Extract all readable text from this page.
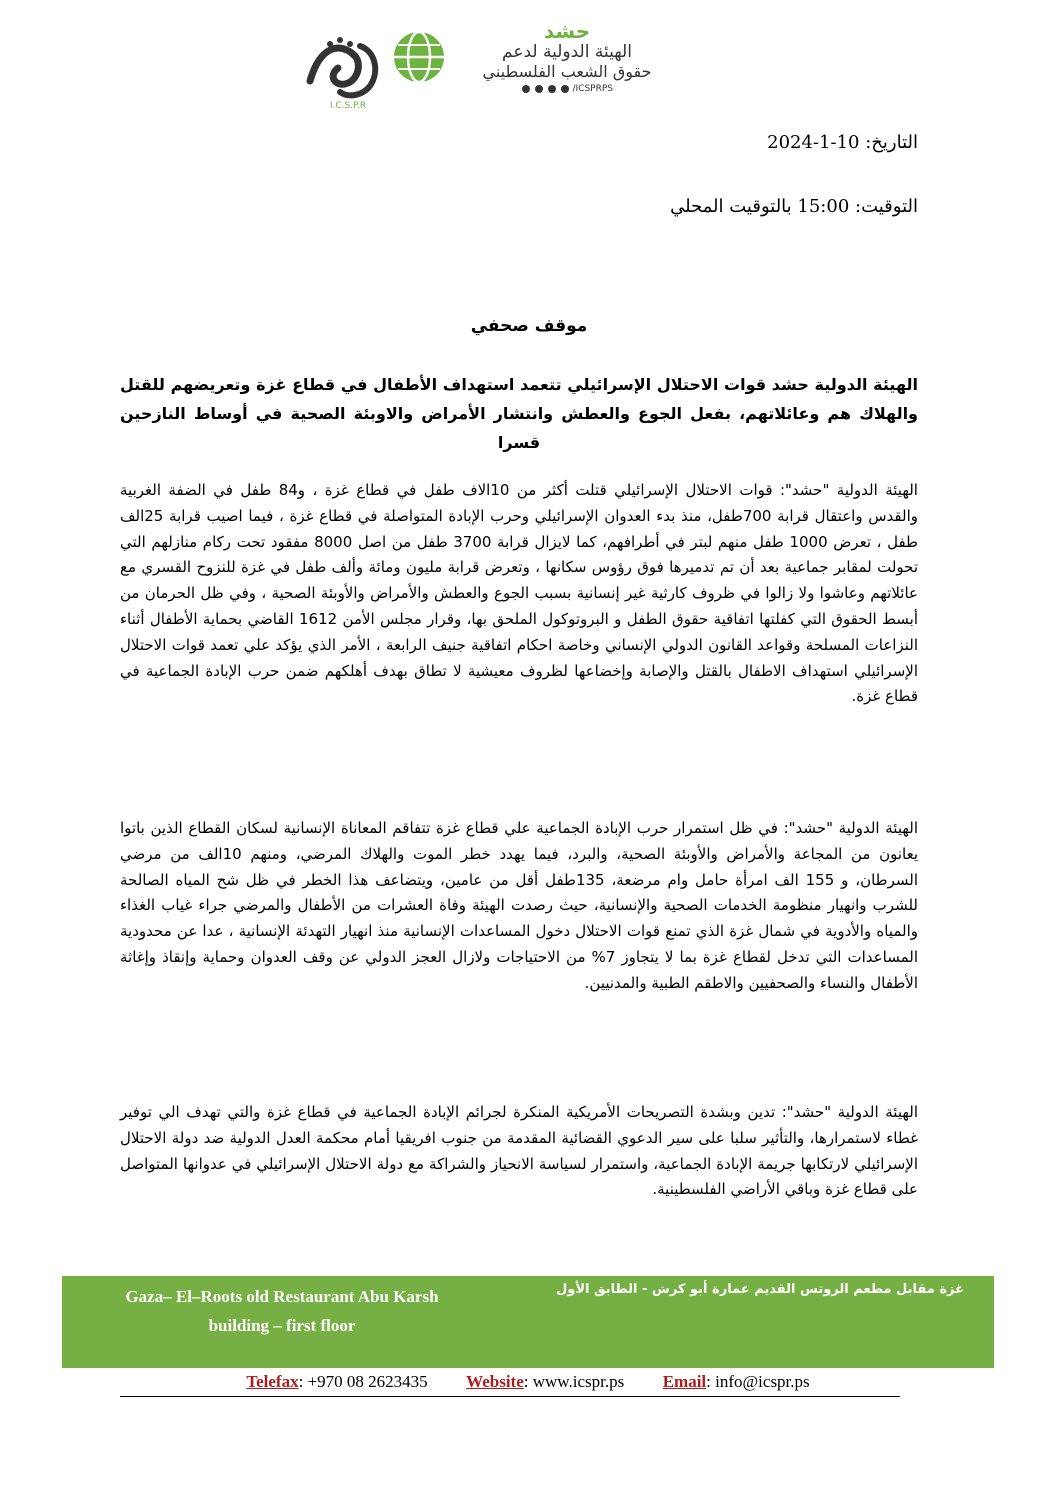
I.C.S.P.R
حشد
الهيئة الدولية لدعم
حقوق الشعب الفلسطيني
/ICSPRPS
التاريخ: 10-1-2024
التوقيت: 15:00 بالتوقيت المحلي
موقف صحفي
الهيئة الدولية حشد قوات الاحتلال الإسرائيلي تتعمد استهداف الأطفال في قطاع غزة وتعريضهم للقتل والهلاك هم وعائلاتهم، بفعل الجوع والعطش وانتشار الأمراض والاوبئة الصحية في أوساط النازحين قسرا
الهيئة الدولية "حشد": قوات الاحتلال الإسرائيلي قتلت أكثر من 10الاف طفل في قطاع غزة ، و84 طفل في الضفة الغربية والقدس واعتقال قرابة 700طفل، منذ بدء العدوان الإسرائيلي وحرب الإبادة المتواصلة في قطاع غزة ، فيما اصيب قرابة 25الف طفل ، تعرض 1000 طفل منهم لبتر في أطرافهم، كما لايزال قرابة 3700 طفل من اصل 8000 مفقود تحت ركام منازلهم التي تحولت لمقابر جماعية بعد أن تم تدميرها فوق رؤوس سكانها ، وتعرض قرابة مليون ومائة وألف طفل في غزة للنزوح القسري مع عائلاتهم وعاشوا ولا زالوا في ظروف كارثية غير إنسانية بسبب الجوع والعطش والأمراض والأوبئة الصحية ، وفي ظل الحرمان من أبسط الحقوق التي كفلتها اتفاقية حقوق الطفل و البروتوكول الملحق بها، وقرار مجلس الأمن 1612 القاضي بحماية الأطفال أثناء النزاعات المسلحة وقواعد القانون الدولي الإنساني وخاصة احكام اتفاقية جنيف الرابعة ، الأمر الذي يؤكد علي تعمد قوات الاحتلال الإسرائيلي استهداف الاطفال بالقتل والإصابة وإخضاعها لظروف معيشية لا تطاق بهدف أهلكهم ضمن حرب الإبادة الجماعية في قطاع غزة.
الهيئة الدولية "حشد": في ظل استمرار حرب الإبادة الجماعية علي قطاع غزة تتفاقم المعاناة الإنسانية لسكان القطاع الذين باتوا يعانون من المجاعة والأمراض والأوبئة الصحية، والبرد، فيما يهدد خطر الموت والهلاك المرضي، ومنهم 10الف من مرضي السرطان، و 155 الف امرأة حامل وام مرضعة، 135طفل أقل من عامين، ويتضاعف هذا الخطر في ظل شح المياه الصالحة للشرب وانهيار منظومة الخدمات الصحية والإنسانية، حيث رصدت الهيئة وفاة العشرات من الأطفال والمرضي جراء غياب الغذاء والمياه والأدوية في شمال غزة الذي تمنع قوات الاحتلال دخول المساعدات الإنسانية منذ انهيار التهدئة الإنسانية ، عدا عن محدودية المساعدات التي تدخل لقطاع غزة بما لا يتجاوز 7% من الاحتياجات ولازال العجز الدولي عن وقف العدوان وحماية وإنقاذ وإغاثة الأطفال والنساء والصحفيين والاطقم الطبية والمدنيين.
الهيئة الدولية "حشد": تدين وبشدة التصريحات الأمريكية المنكرة لجرائم الإبادة الجماعية في قطاع غزة والتي تهدف الي توفير غطاء لاستمرارها، والتأثير سلبا على سير الدعوي القضائية المقدمة من جنوب افريقيا أمام محكمة العدل الدولية ضد دولة الاحتلال الإسرائيلي لارتكابها جريمة الإبادة الجماعية، واستمرار لسياسة الانحياز والشراكة مع دولة الاحتلال الإسرائيلي في عدوانها المتواصل على قطاع غزة وباقي الأراضي الفلسطينية.
Gaza– El–Roots old Restaurant Abu Karsh
building – first floor
غزة مقابل مطعم الروتس القديم عمارة أبو كرش - الطابق الأول
Telefax: +970 08 2623435 Website: www.icspr.ps Email: info@icspr.ps
